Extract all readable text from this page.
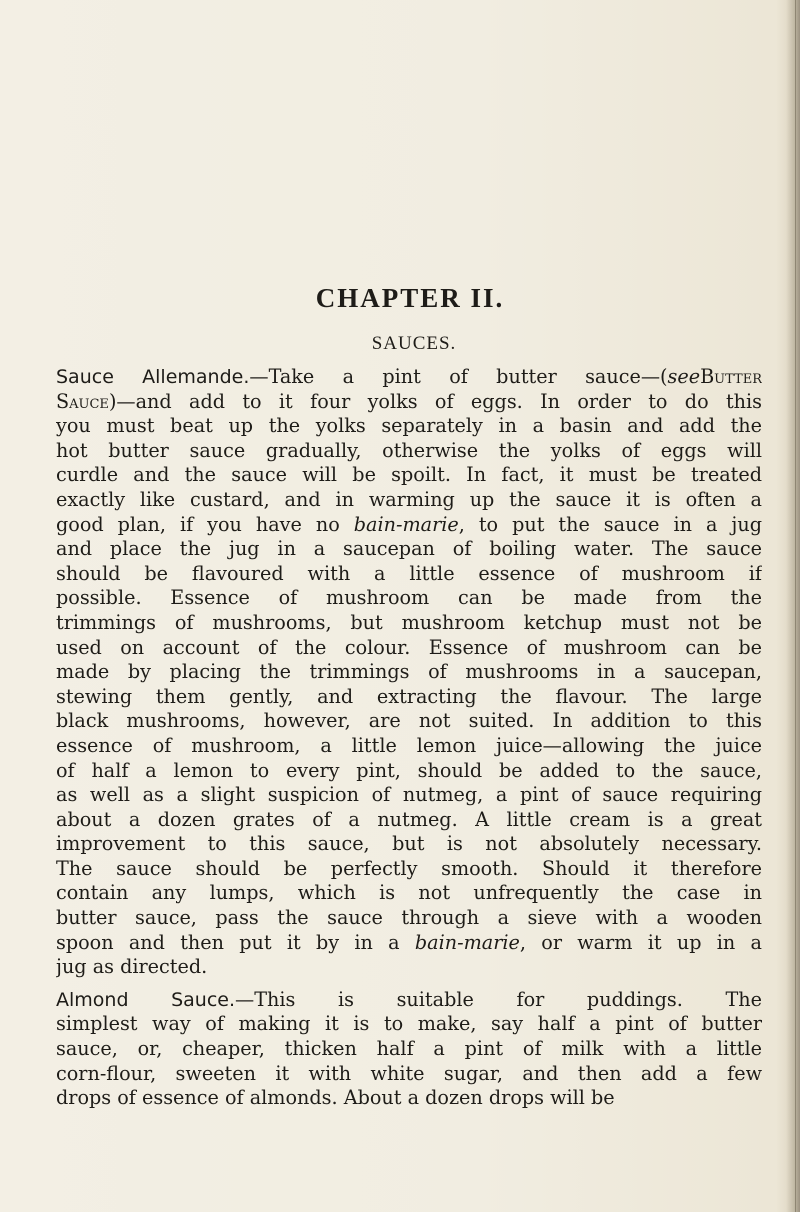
CHAPTER II.
SAUCES.
Sauce Allemande.—Take a pint of butter sauce—(seeButter
Sauce)—and add to it four yolks of eggs. In order to do this
you must beat up the yolks separately in a basin and add the
hot butter sauce gradually, otherwise the yolks of eggs will
curdle and the sauce will be spoilt. In fact, it must be treated
exactly like custard, and in warming up the sauce it is often a
good plan, if you have no bain-marie, to put the sauce in a jug
and place the jug in a saucepan of boiling water. The sauce
should be flavoured with a little essence of mushroom if
possible. Essence of mushroom can be made from the
trimmings of mushrooms, but mushroom ketchup must not be
used on account of the colour. Essence of mushroom can be
made by placing the trimmings of mushrooms in a saucepan,
stewing them gently, and extracting the flavour. The large
black mushrooms, however, are not suited. In addition to this
essence of mushroom, a little lemon juice—allowing the juice
of half a lemon to every pint, should be added to the sauce,
as well as a slight suspicion of nutmeg, a pint of sauce requiring
about a dozen grates of a nutmeg. A little cream is a great
improvement to this sauce, but is not absolutely necessary.
The sauce should be perfectly smooth. Should it therefore
contain any lumps, which is not unfrequently the case in
butter sauce, pass the sauce through a sieve with a wooden
spoon and then put it by in a bain-marie, or warm it up in a
jug as directed.
Almond Sauce.—This is suitable for puddings. The
simplest way of making it is to make, say half a pint of butter
sauce, or, cheaper, thicken half a pint of milk with a little
corn-flour, sweeten it with white sugar, and then add a few
drops of essence of almonds. About a dozen drops will be
